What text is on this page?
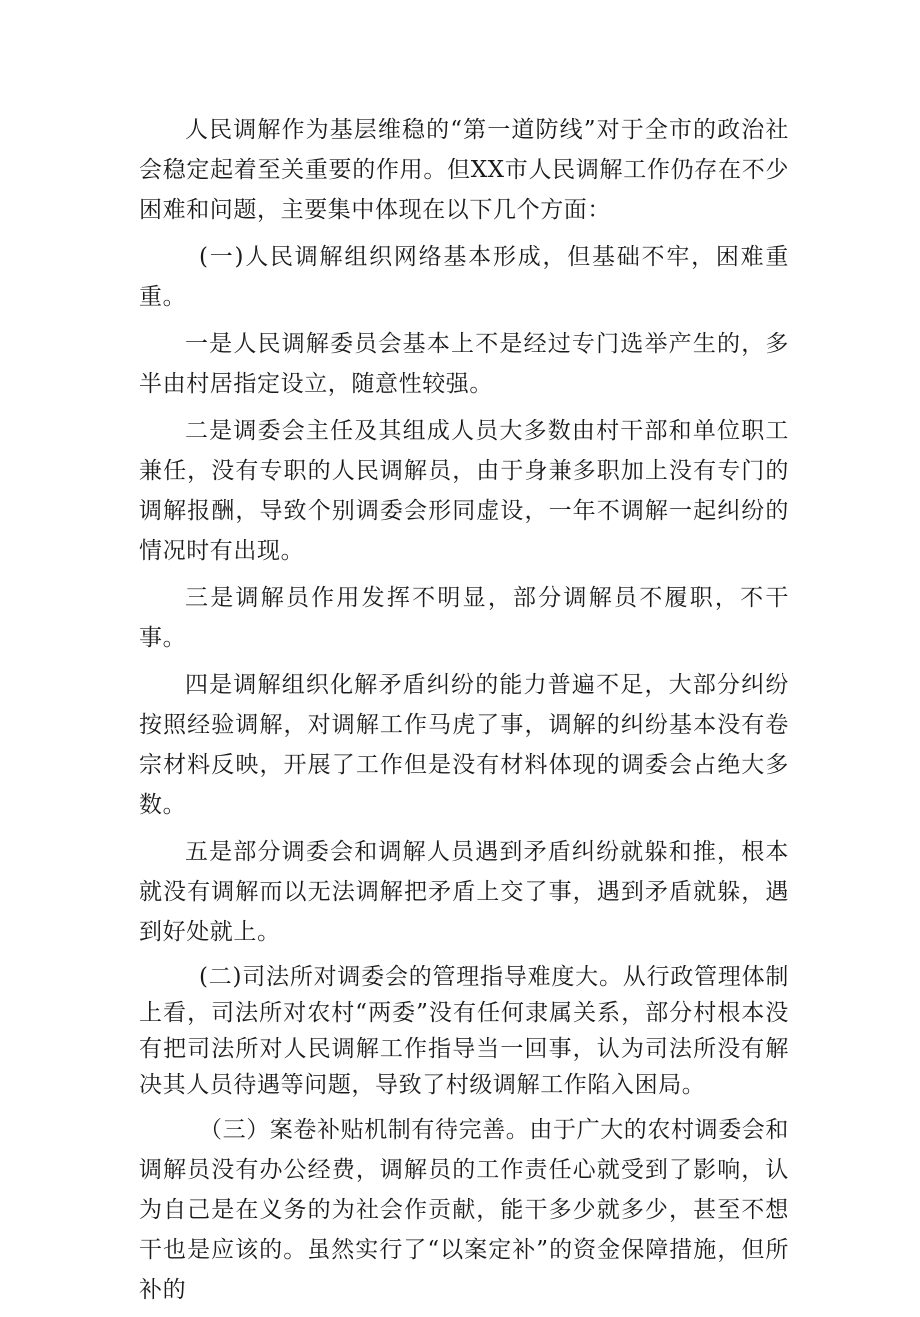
人民调解作为基层维稳的“第一道防线”对于全市的政治社会稳定起着至关重要的作用。但XX市人民调解工作仍存在不少困难和问题，主要集中体现在以下几个方面：

(一)人民调解组织网络基本形成，但基础不牢，困难重重。

一是人民调解委员会基本上不是经过专门选举产生的，多半由村居指定设立，随意性较强。

二是调委会主任及其组成人员大多数由村干部和单位职工兼任，没有专职的人民调解员，由于身兼多职加上没有专门的调解报酬，导致个别调委会形同虚设，一年不调解一起纠纷的情况时有出现。

三是调解员作用发挥不明显，部分调解员不履职，不干事。

四是调解组织化解矛盾纠纷的能力普遍不足，大部分纠纷按照经验调解，对调解工作马虎了事，调解的纠纷基本没有卷宗材料反映，开展了工作但是没有材料体现的调委会占绝大多数。

五是部分调委会和调解人员遇到矛盾纠纷就躲和推，根本就没有调解而以无法调解把矛盾上交了事，遇到矛盾就躲，遇到好处就上。

(二)司法所对调委会的管理指导难度大。从行政管理体制上看，司法所对农村“两委”没有任何隶属关系，部分村根本没有把司法所对人民调解工作指导当一回事，认为司法所没有解决其人员待遇等问题，导致了村级调解工作陷入困局。

（三）案卷补贴机制有待完善。由于广大的农村调委会和调解员没有办公经费，调解员的工作责任心就受到了影响，认为自己是在义务的为社会作贡献，能干多少就多少，甚至不想干也是应该的。虽然实行了“以案定补”的资金保障措施，但所补的
